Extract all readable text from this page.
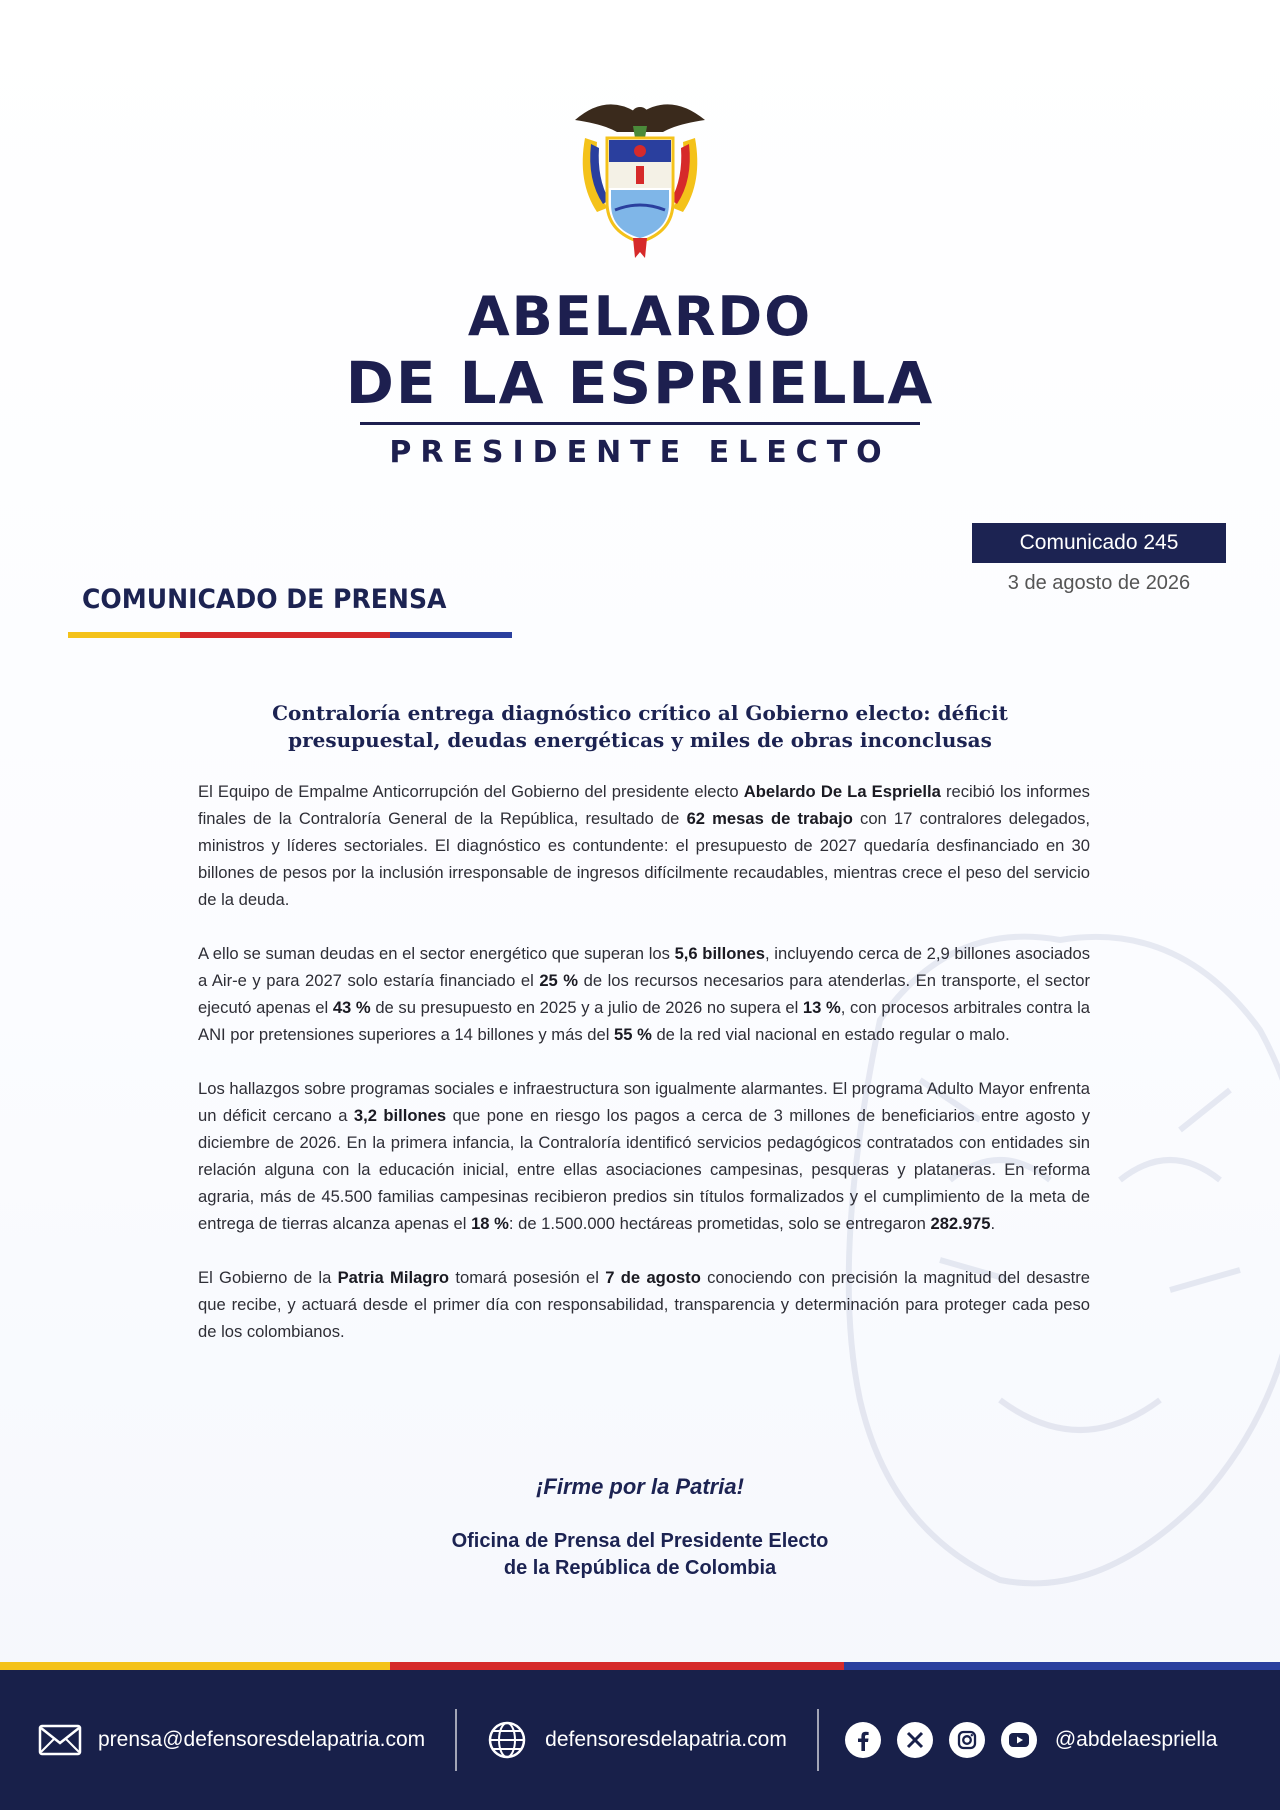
ABELARDO
DE LA ESPRIELLA
PRESIDENTE ELECTO
Comunicado 245
3 de agosto de 2026
COMUNICADO DE PRENSA
Contraloría entrega diagnóstico crítico al Gobierno electo: déficit
presupuestal, deudas energéticas y miles de obras inconclusas

El Equipo de Empalme Anticorrupción del Gobierno del presidente electo Abelardo De La Espriella recibió los informes finales de la Contraloría General de la República, resultado de 62 mesas de trabajo con 17 contralores delegados, ministros y líderes sectoriales. El diagnóstico es contundente: el presupuesto de 2027 quedaría desfinanciado en 30 billones de pesos por la inclusión irresponsable de ingresos difícilmente recaudables, mientras crece el peso del servicio de la deuda.

A ello se suman deudas en el sector energético que superan los 5,6 billones, incluyendo cerca de 2,9 billones asociados a Air-e y para 2027 solo estaría financiado el 25 % de los recursos necesarios para atenderlas. En transporte, el sector ejecutó apenas el 43 % de su presupuesto en 2025 y a julio de 2026 no supera el 13 %, con procesos arbitrales contra la ANI por pretensiones superiores a 14 billones y más del 55 % de la red vial nacional en estado regular o malo.

Los hallazgos sobre programas sociales e infraestructura son igualmente alarmantes. El programa Adulto Mayor enfrenta un déficit cercano a 3,2 billones que pone en riesgo los pagos a cerca de 3 millones de beneficiarios entre agosto y diciembre de 2026. En la primera infancia, la Contraloría identificó servicios pedagógicos contratados con entidades sin relación alguna con la educación inicial, entre ellas asociaciones campesinas, pesqueras y plataneras. En reforma agraria, más de 45.500 familias campesinas recibieron predios sin títulos formalizados y el cumplimiento de la meta de entrega de tierras alcanza apenas el 18 %: de 1.500.000 hectáreas prometidas, solo se entregaron 282.975.

El Gobierno de la Patria Milagro tomará posesión el 7 de agosto conociendo con precisión la magnitud del desastre que recibe, y actuará desde el primer día con responsabilidad, transparencia y determinación para proteger cada peso de los colombianos.

¡Firme por la Patria!
Oficina de Prensa del Presidente Electo
de la República de Colombia
prensa@defensoresdelapatria.com	defensoresdelapatria.com	@abdelaespriella
